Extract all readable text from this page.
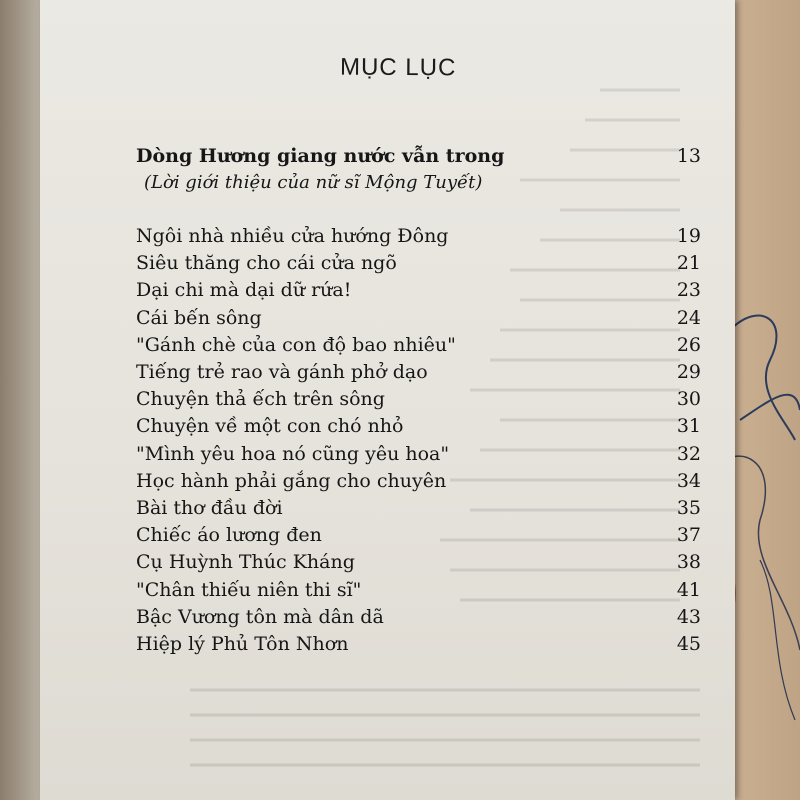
MỤC LỤC
Dòng Hương giang nước vẫn trong	13
(Lời giới thiệu của nữ sĩ Mộng Tuyết)
Ngôi nhà nhiều cửa hướng Đông	19
Siêu thăng cho cái cửa ngõ	21
Dại chi mà dại dữ rứa!	23
Cái bến sông	24
"Gánh chè của con độ bao nhiêu"	26
Tiếng trẻ rao và gánh phở dạo	29
Chuyện thả ếch trên sông	30
Chuyện về một con chó nhỏ	31
"Mình yêu hoa nó cũng yêu hoa"	32
Học hành phải gắng cho chuyên	34
Bài thơ đầu đời	35
Chiếc áo lương đen	37
Cụ Huỳnh Thúc Kháng	38
"Chân thiếu niên thi sĩ"	41
Bậc Vương tôn mà dân dã	43
Hiệp lý Phủ Tôn Nhơn	45
